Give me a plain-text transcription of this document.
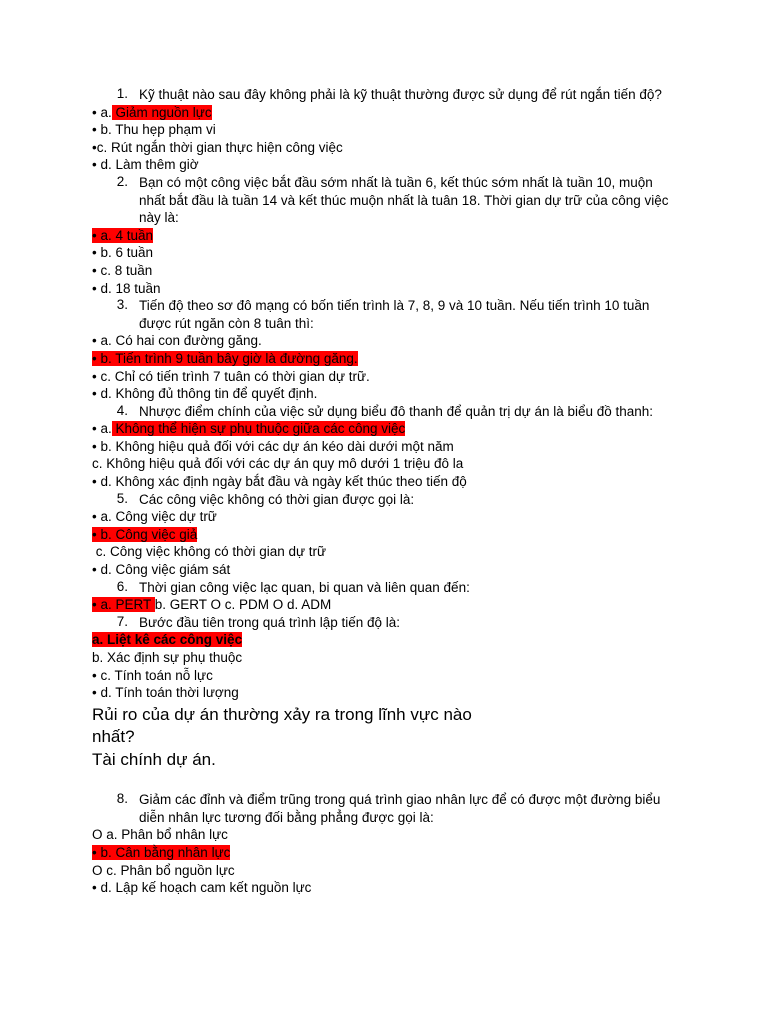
1. Kỹ thuật nào sau đây không phải là kỹ thuật thường được sử dụng để rút ngắn tiến độ?
• a. Giảm nguồn lực
• b. Thu hẹp phạm vi
•c. Rút ngắn thời gian thực hiện công việc
• d. Làm thêm giờ
2. Bạn có một công việc bắt đầu sớm nhất là tuần 6, kết thúc sớm nhất là tuần 10, muộn nhất bắt đầu là tuần 14 và kết thúc muộn nhất là tuân 18. Thời gian dự trữ của công việc này là:
• a. 4 tuần
• b. 6 tuần
• c. 8 tuần
• d. 18 tuần
3. Tiến độ theo sơ đô mạng có bốn tiến trình là 7, 8, 9 và 10 tuần. Nếu tiến trình 10 tuần được rút ngăn còn 8 tuân thì:
• a. Có hai con đường găng.
• b. Tiến trình 9 tuần bây giờ là đường găng.
• c. Chỉ có tiến trình 7 tuân có thời gian dự trữ.
• d. Không đủ thông tin để quyết định.
4. Nhược điểm chính của việc sử dụng biểu đô thanh để quản trị dự án là biểu đồ thanh:
• a. Không thể hiện sự phụ thuộc giữa các công việc
• b. Không hiệu quả đối với các dự án kéo dài dưới một năm
c. Không hiệu quả đối với các dự án quy mô dưới 1 triệu đô la
• d. Không xác định ngày bắt đầu và ngày kết thúc theo tiến độ
5. Các công việc không có thời gian được gọi là:
• a. Công việc dự trữ
• b. Công việc giả
c. Công việc không có thời gian dự trữ
• d. Công việc giám sát
6. Thời gian công việc lạc quan, bi quan và liên quan đến:
• a. PERT b. GERT O c. PDM O d. ADM
7. Bước đầu tiên trong quá trình lập tiến độ là:
a. Liệt kê các công việc
b. Xác định sự phụ thuộc
• c. Tính toán nỗ lực
• d. Tính toán thời lượng
Rủi ro của dự án thường xảy ra trong lĩnh vực nào
nhất?
Tài chính dự án.
8. Giảm các đỉnh và điểm trũng trong quá trình giao nhân lực để có được một đường biểu diễn nhân lực tương đối bằng phẳng được gọi là:
O a. Phân bổ nhân lực
• b. Cân bằng nhân lực
O c. Phân bổ nguồn lực
• d. Lập kế hoạch cam kết nguồn lực
